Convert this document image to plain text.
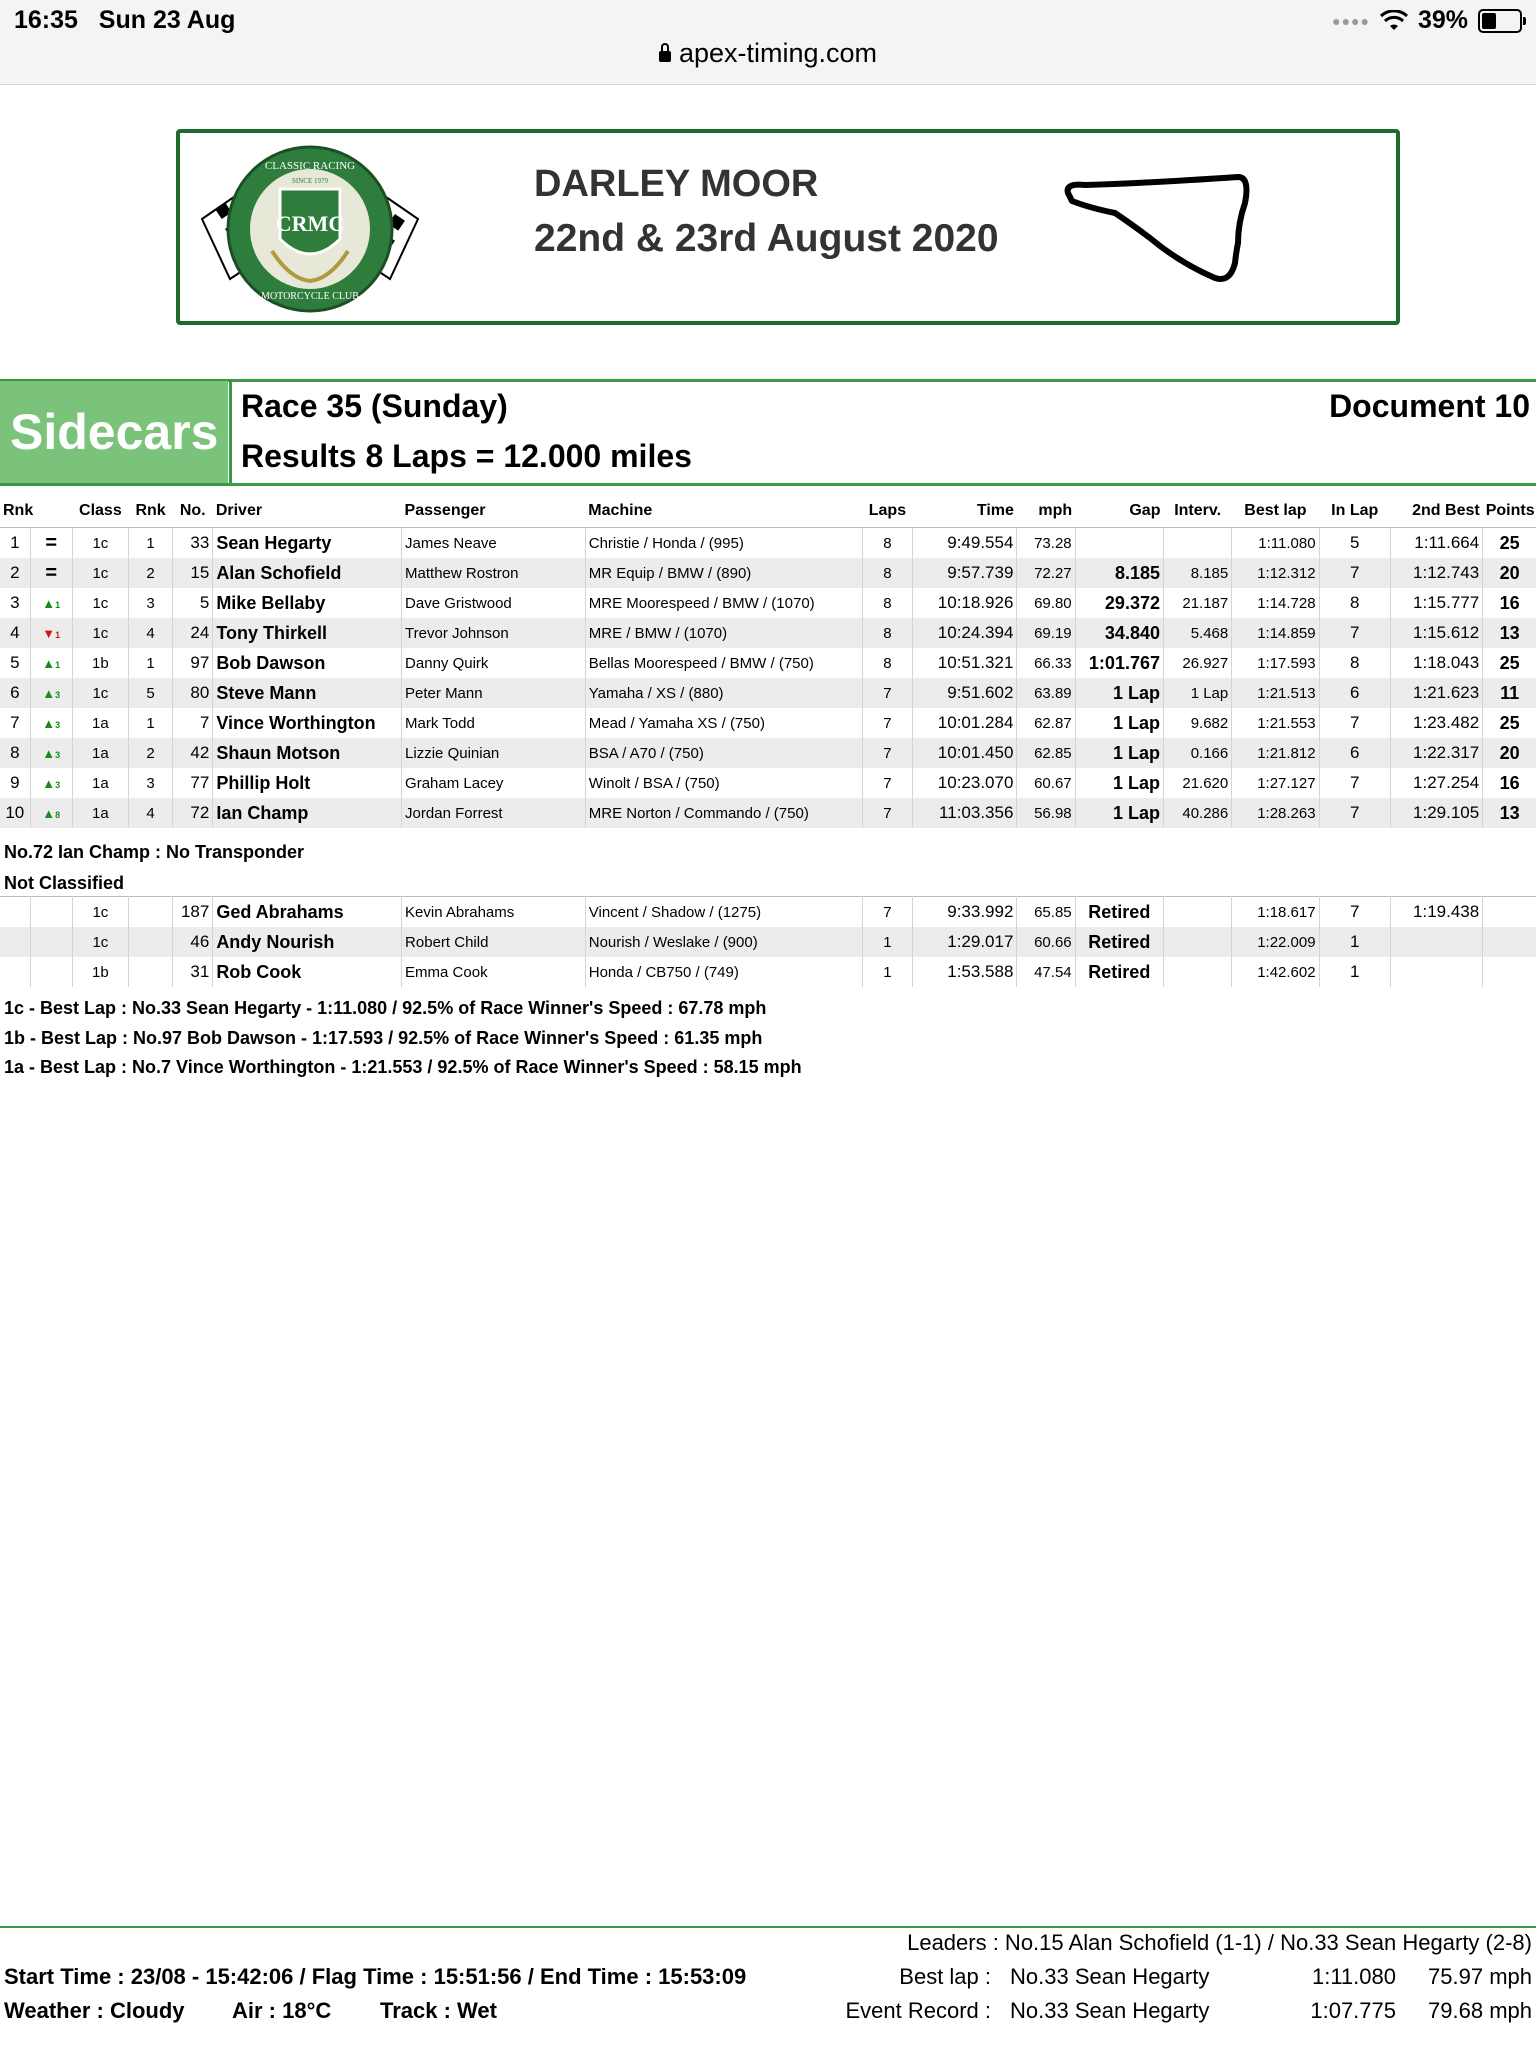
16:35 Sun 23 Aug	●●●● 39%
apex-timing.com
CRMC
CLASSIC RACING
SINCE 1979
MOTORCYCLE CLUB
DARLEY MOOR
22nd & 23rd August 2020
Sidecars Race 35 (Sunday)
Results 8 Laps = 12.000 miles
Document 10
Rnk		Class	Rnk	No.	Driver	Passenger	Machine	Laps	Time	mph	Gap	Interv.	Best lap	In Lap	2nd Best	Points
1	=	1c	1	33	Sean Hegarty	James Neave	Christie / Honda / (995)	8	9:49.554	73.28			1:11.080	5	1:11.664	25
2	=	1c	2	15	Alan Schofield	Matthew Rostron	MR Equip / BMW / (890)	8	9:57.739	72.27	8.185	8.185	1:12.312	7	1:12.743	20
3	▲1	1c	3	5	Mike Bellaby	Dave Gristwood	MRE Moorespeed / BMW / (1070)	8	10:18.926	69.80	29.372	21.187	1:14.728	8	1:15.777	16
4	▼1	1c	4	24	Tony Thirkell	Trevor Johnson	MRE / BMW / (1070)	8	10:24.394	69.19	34.840	5.468	1:14.859	7	1:15.612	13
5	▲1	1b	1	97	Bob Dawson	Danny Quirk	Bellas Moorespeed / BMW / (750)	8	10:51.321	66.33	1:01.767	26.927	1:17.593	8	1:18.043	25
6	▲3	1c	5	80	Steve Mann	Peter Mann	Yamaha / XS / (880)	7	9:51.602	63.89	1 Lap	1 Lap	1:21.513	6	1:21.623	11
7	▲3	1a	1	7	Vince Worthington	Mark Todd	Mead / Yamaha XS / (750)	7	10:01.284	62.87	1 Lap	9.682	1:21.553	7	1:23.482	25
8	▲3	1a	2	42	Shaun Motson	Lizzie Quinian	BSA / A70 / (750)	7	10:01.450	62.85	1 Lap	0.166	1:21.812	6	1:22.317	20
9	▲3	1a	3	77	Phillip Holt	Graham Lacey	Winolt / BSA / (750)	7	10:23.070	60.67	1 Lap	21.620	1:27.127	7	1:27.254	16
10	▲8	1a	4	72	Ian Champ	Jordan Forrest	MRE Norton / Commando / (750)	7	11:03.356	56.98	1 Lap	40.286	1:28.263	7	1:29.105	13
No.72 Ian Champ : No Transponder
Not Classified
		1c		187	Ged Abrahams	Kevin Abrahams	Vincent / Shadow / (1275)	7	9:33.992	65.85	Retired		1:18.617	7	1:19.438	
		1c		46	Andy Nourish	Robert Child	Nourish / Weslake / (900)	1	1:29.017	60.66	Retired		1:22.009	1		
		1b		31	Rob Cook	Emma Cook	Honda / CB750 / (749)	1	1:53.588	47.54	Retired		1:42.602	1		
1c - Best Lap : No.33 Sean Hegarty - 1:11.080 / 92.5% of Race Winner's Speed : 67.78 mph
1b - Best Lap : No.97 Bob Dawson - 1:17.593 / 92.5% of Race Winner's Speed : 61.35 mph
1a - Best Lap : No.7 Vince Worthington - 1:21.553 / 92.5% of Race Winner's Speed : 58.15 mph
Leaders : No.15 Alan Schofield (1-1) / No.33 Sean Hegarty (2-8)
Start Time : 23/08 - 15:42:06 / Flag Time : 15:51:56 / End Time : 15:53:09
Weather : Cloudy Air : 18°C Track : Wet
Best lap : No.33 Sean Hegarty	1:11.080 75.97 mph
Event Record : No.33 Sean Hegarty	1:07.775 79.68 mph
